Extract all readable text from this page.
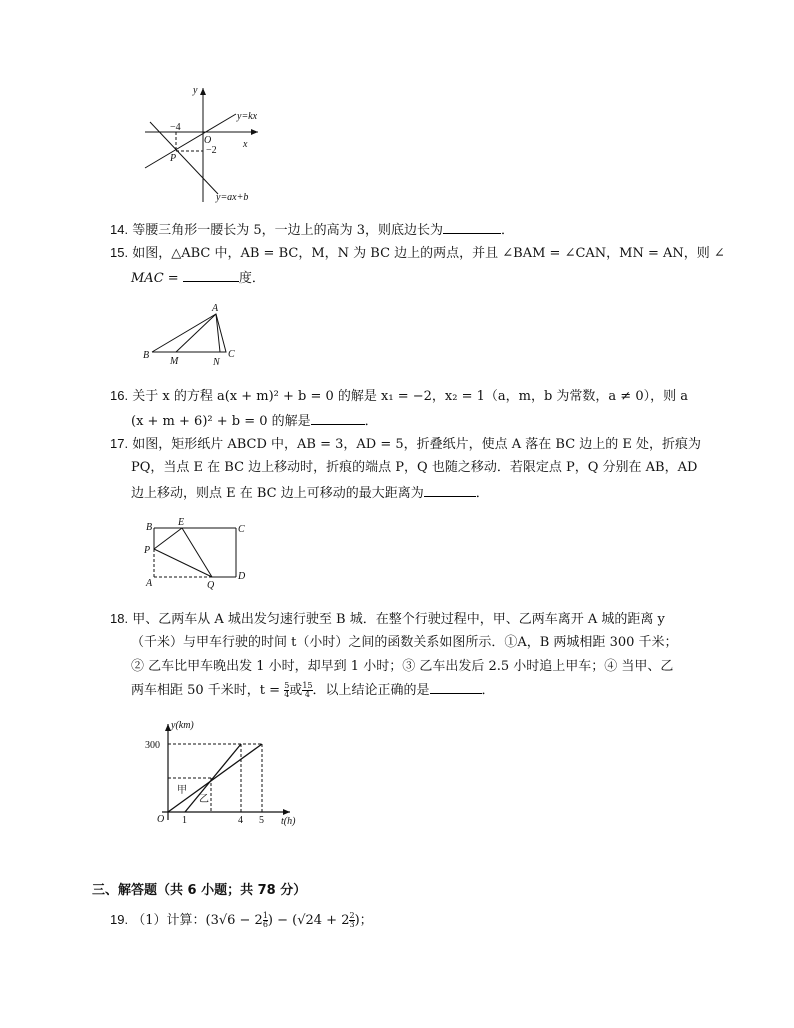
y
x
O
P
−4
−2
y=kx
y=ax+b
14. 等腰三角形一腰长为 5，一边上的高为 3，则底边长为	．
15. 如图，△ABC 中，AB = BC，M，N 为 BC 边上的两点，并且 ∠BAM = ∠CAN，MN = AN，则 ∠
MAC =	度．
A
B
M	N
C
16. 关于 x 的方程 a(x + m)² + b = 0 的解是 x₁ = −2，x₂ = 1（a，m，b 为常数，a ≠ 0），则 a
(x + m + 6)² + b = 0 的解是	．
17. 如图，矩形纸片 ABCD 中，AB = 3，AD = 5，折叠纸片，使点 A 落在 BC 边上的 E 处，折痕为
PQ，当点 E 在 BC 边上移动时，折痕的端点 P，Q 也随之移动．若限定点 P，Q 分别在 AB，AD
边上移动，则点 E 在 BC 边上可移动的最大距离为	．
B	E
C
P
A	Q
D
18. 甲、乙两车从 A 城出发匀速行驶至 B 城．在整个行驶过程中，甲、乙两车离开 A 城的距离 y
（千米）与甲车行驶的时间 t（小时）之间的函数关系如图所示．①A，B 两城相距 300 千米；
② 乙车比甲车晚出发 1 小时，却早到 1 小时；③ 乙车出发后 2.5 小时追上甲车；④ 当甲、乙
两车相距 50 千米时，$t = \frac{5}{4}$ 或 $\frac{15}{4}$ ．以上结论正确的是	．
y(km)
t(h)
O
300
1	4 5
甲
乙
三、解答题（共 6 小题；共 78 分）
19. （1）计算：($3√6 - 2 \frac{1}{6}$ ) − ($√24 + 2 \frac{2}{3}$ )；
